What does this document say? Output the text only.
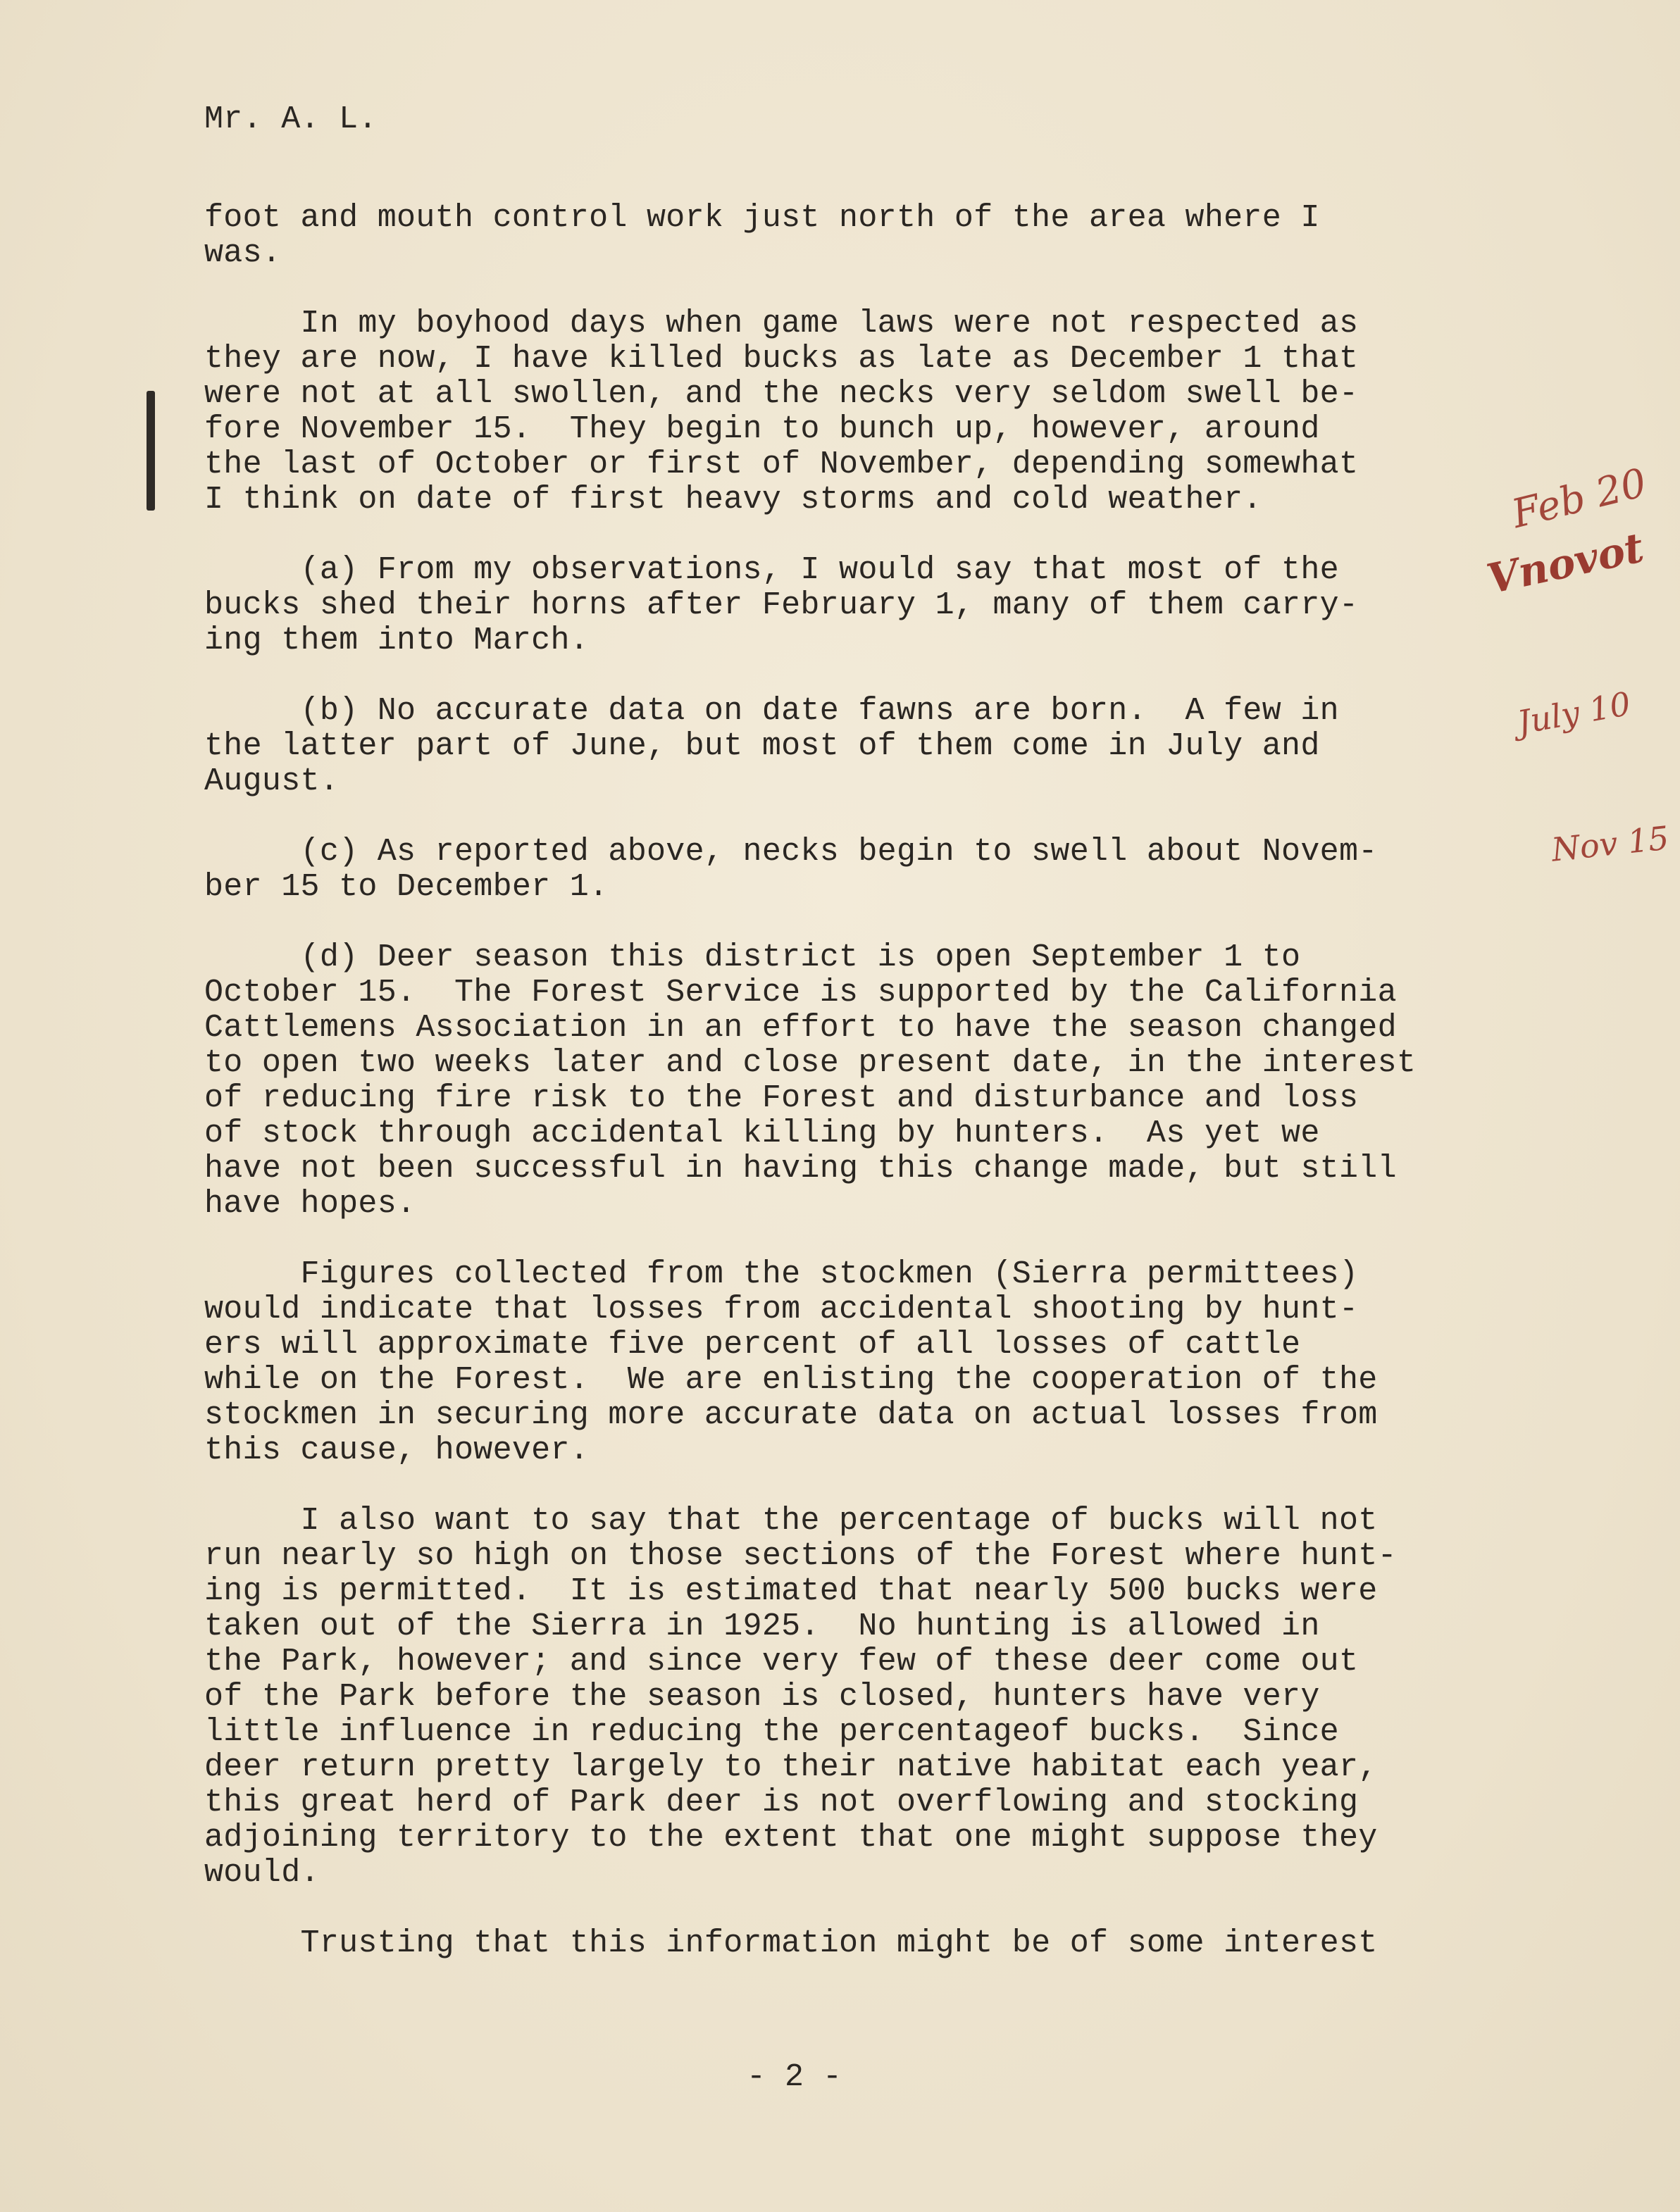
Mr. A. L.
foot and mouth control work just north of the area where I
was.
In my boyhood days when game laws were not respected as
they are now, I have killed bucks as late as December 1 that
were not at all swollen, and the necks very seldom swell be-
fore November 15.  They begin to bunch up, however, around
the last of October or first of November, depending somewhat
I think on date of first heavy storms and cold weather.
(a) From my observations, I would say that most of the
bucks shed their horns after February 1, many of them carry-
ing them into March.
(b) No accurate data on date fawns are born.  A few in
the latter part of June, but most of them come in July and
August.
(c) As reported above, necks begin to swell about Novem-
ber 15 to December 1.
(d) Deer season this district is open September 1 to
October 15.  The Forest Service is supported by the California
Cattlemens Association in an effort to have the season changed
to open two weeks later and close present date, in the interest
of reducing fire risk to the Forest and disturbance and loss
of stock through accidental killing by hunters.  As yet we
have not been successful in having this change made, but still
have hopes.
Figures collected from the stockmen (Sierra permittees)
would indicate that losses from accidental shooting by hunt-
ers will approximate five percent of all losses of cattle
while on the Forest.  We are enlisting the cooperation of the
stockmen in securing more accurate data on actual losses from
this cause, however.
I also want to say that the percentage of bucks will not
run nearly so high on those sections of the Forest where hunt-
ing is permitted.  It is estimated that nearly 500 bucks were
taken out of the Sierra in 1925.  No hunting is allowed in
the Park, however; and since very few of these deer come out
of the Park before the season is closed, hunters have very
little influence in reducing the percentageof bucks.  Since
deer return pretty largely to their native habitat each year,
this great herd of Park deer is not overflowing and stocking
adjoining territory to the extent that one might suppose they
would.
Trusting that this information might be of some interest
Feb 20
Vnovot
July 10
Nov 15
- 2 -
